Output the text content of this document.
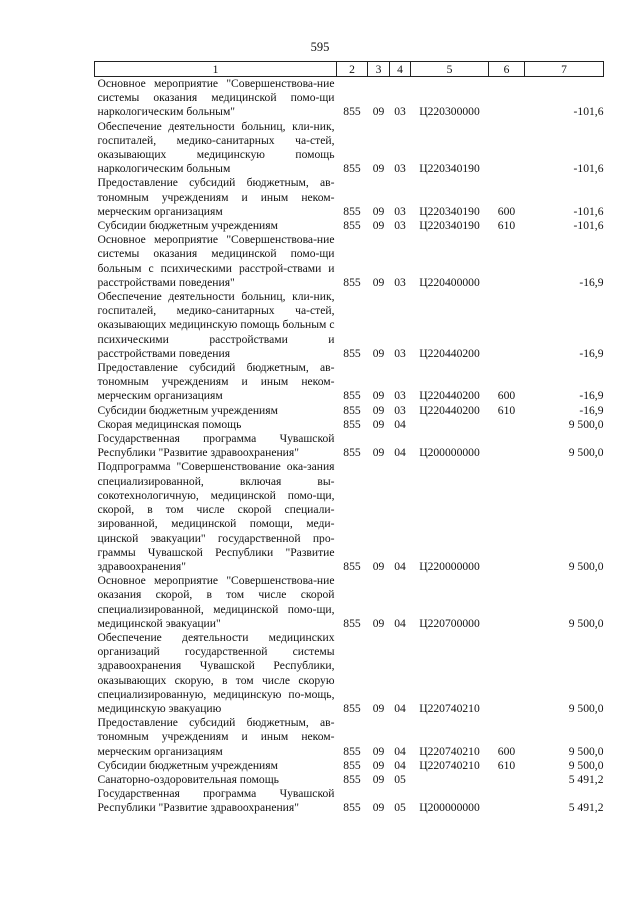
595
1	2	3	4	5	6	7
Основное мероприятие "Совершенствова-ние системы оказания медицинской помо-щи наркологическим больным"	855	09	03	Ц220300000		-101,6
Обеспечение деятельности больниц, кли-ник, госпиталей, медико-санитарных ча-стей, оказывающих медицинскую помощь наркологическим больным	855	09	03	Ц220340190		-101,6
Предоставление субсидий бюджетным, ав-тономным учреждениям и иным неком-мерческим организациям	855	09	03	Ц220340190	600	-101,6
Субсидии бюджетным учреждениям	855	09	03	Ц220340190	610	-101,6
Основное мероприятие "Совершенствова-ние системы оказания медицинской помо-щи больным с психическими расстрой-ствами и расстройствами поведения"	855	09	03	Ц220400000		-16,9
Обеспечение деятельности больниц, кли-ник, госпиталей, медико-санитарных ча-стей, оказывающих медицинскую помощь больным с психическими расстройствами и расстройствами поведения	855	09	03	Ц220440200		-16,9
Предоставление субсидий бюджетным, ав-тономным учреждениям и иным неком-мерческим организациям	855	09	03	Ц220440200	600	-16,9
Субсидии бюджетным учреждениям	855	09	03	Ц220440200	610	-16,9
Скорая медицинская помощь	855	09	04			9 500,0
Государственная программа Чувашской Республики "Развитие здравоохранения"	855	09	04	Ц200000000		9 500,0
Подпрограмма "Совершенствование ока-зания специализированной, включая вы-сокотехнологичную, медицинской помо-щи, скорой, в том числе скорой специали-зированной, медицинской помощи, меди-цинской эвакуации" государственной про-граммы Чувашской Республики "Развитие здравоохранения"	855	09	04	Ц220000000		9 500,0
Основное мероприятие "Совершенствова-ние оказания скорой, в том числе скорой специализированной, медицинской помо-щи, медицинской эвакуации"	855	09	04	Ц220700000		9 500,0
Обеспечение деятельности медицинских организаций государственной системы здравоохранения Чувашской Республики, оказывающих скорую, в том числе скорую специализированную, медицинскую по-мощь, медицинскую эвакуацию	855	09	04	Ц220740210		9 500,0
Предоставление субсидий бюджетным, ав-тономным учреждениям и иным неком-мерческим организациям	855	09	04	Ц220740210	600	9 500,0
Субсидии бюджетным учреждениям	855	09	04	Ц220740210	610	9 500,0
Санаторно-оздоровительная помощь	855	09	05			5 491,2
Государственная программа Чувашской Республики "Развитие здравоохранения"	855	09	05	Ц200000000		5 491,2
